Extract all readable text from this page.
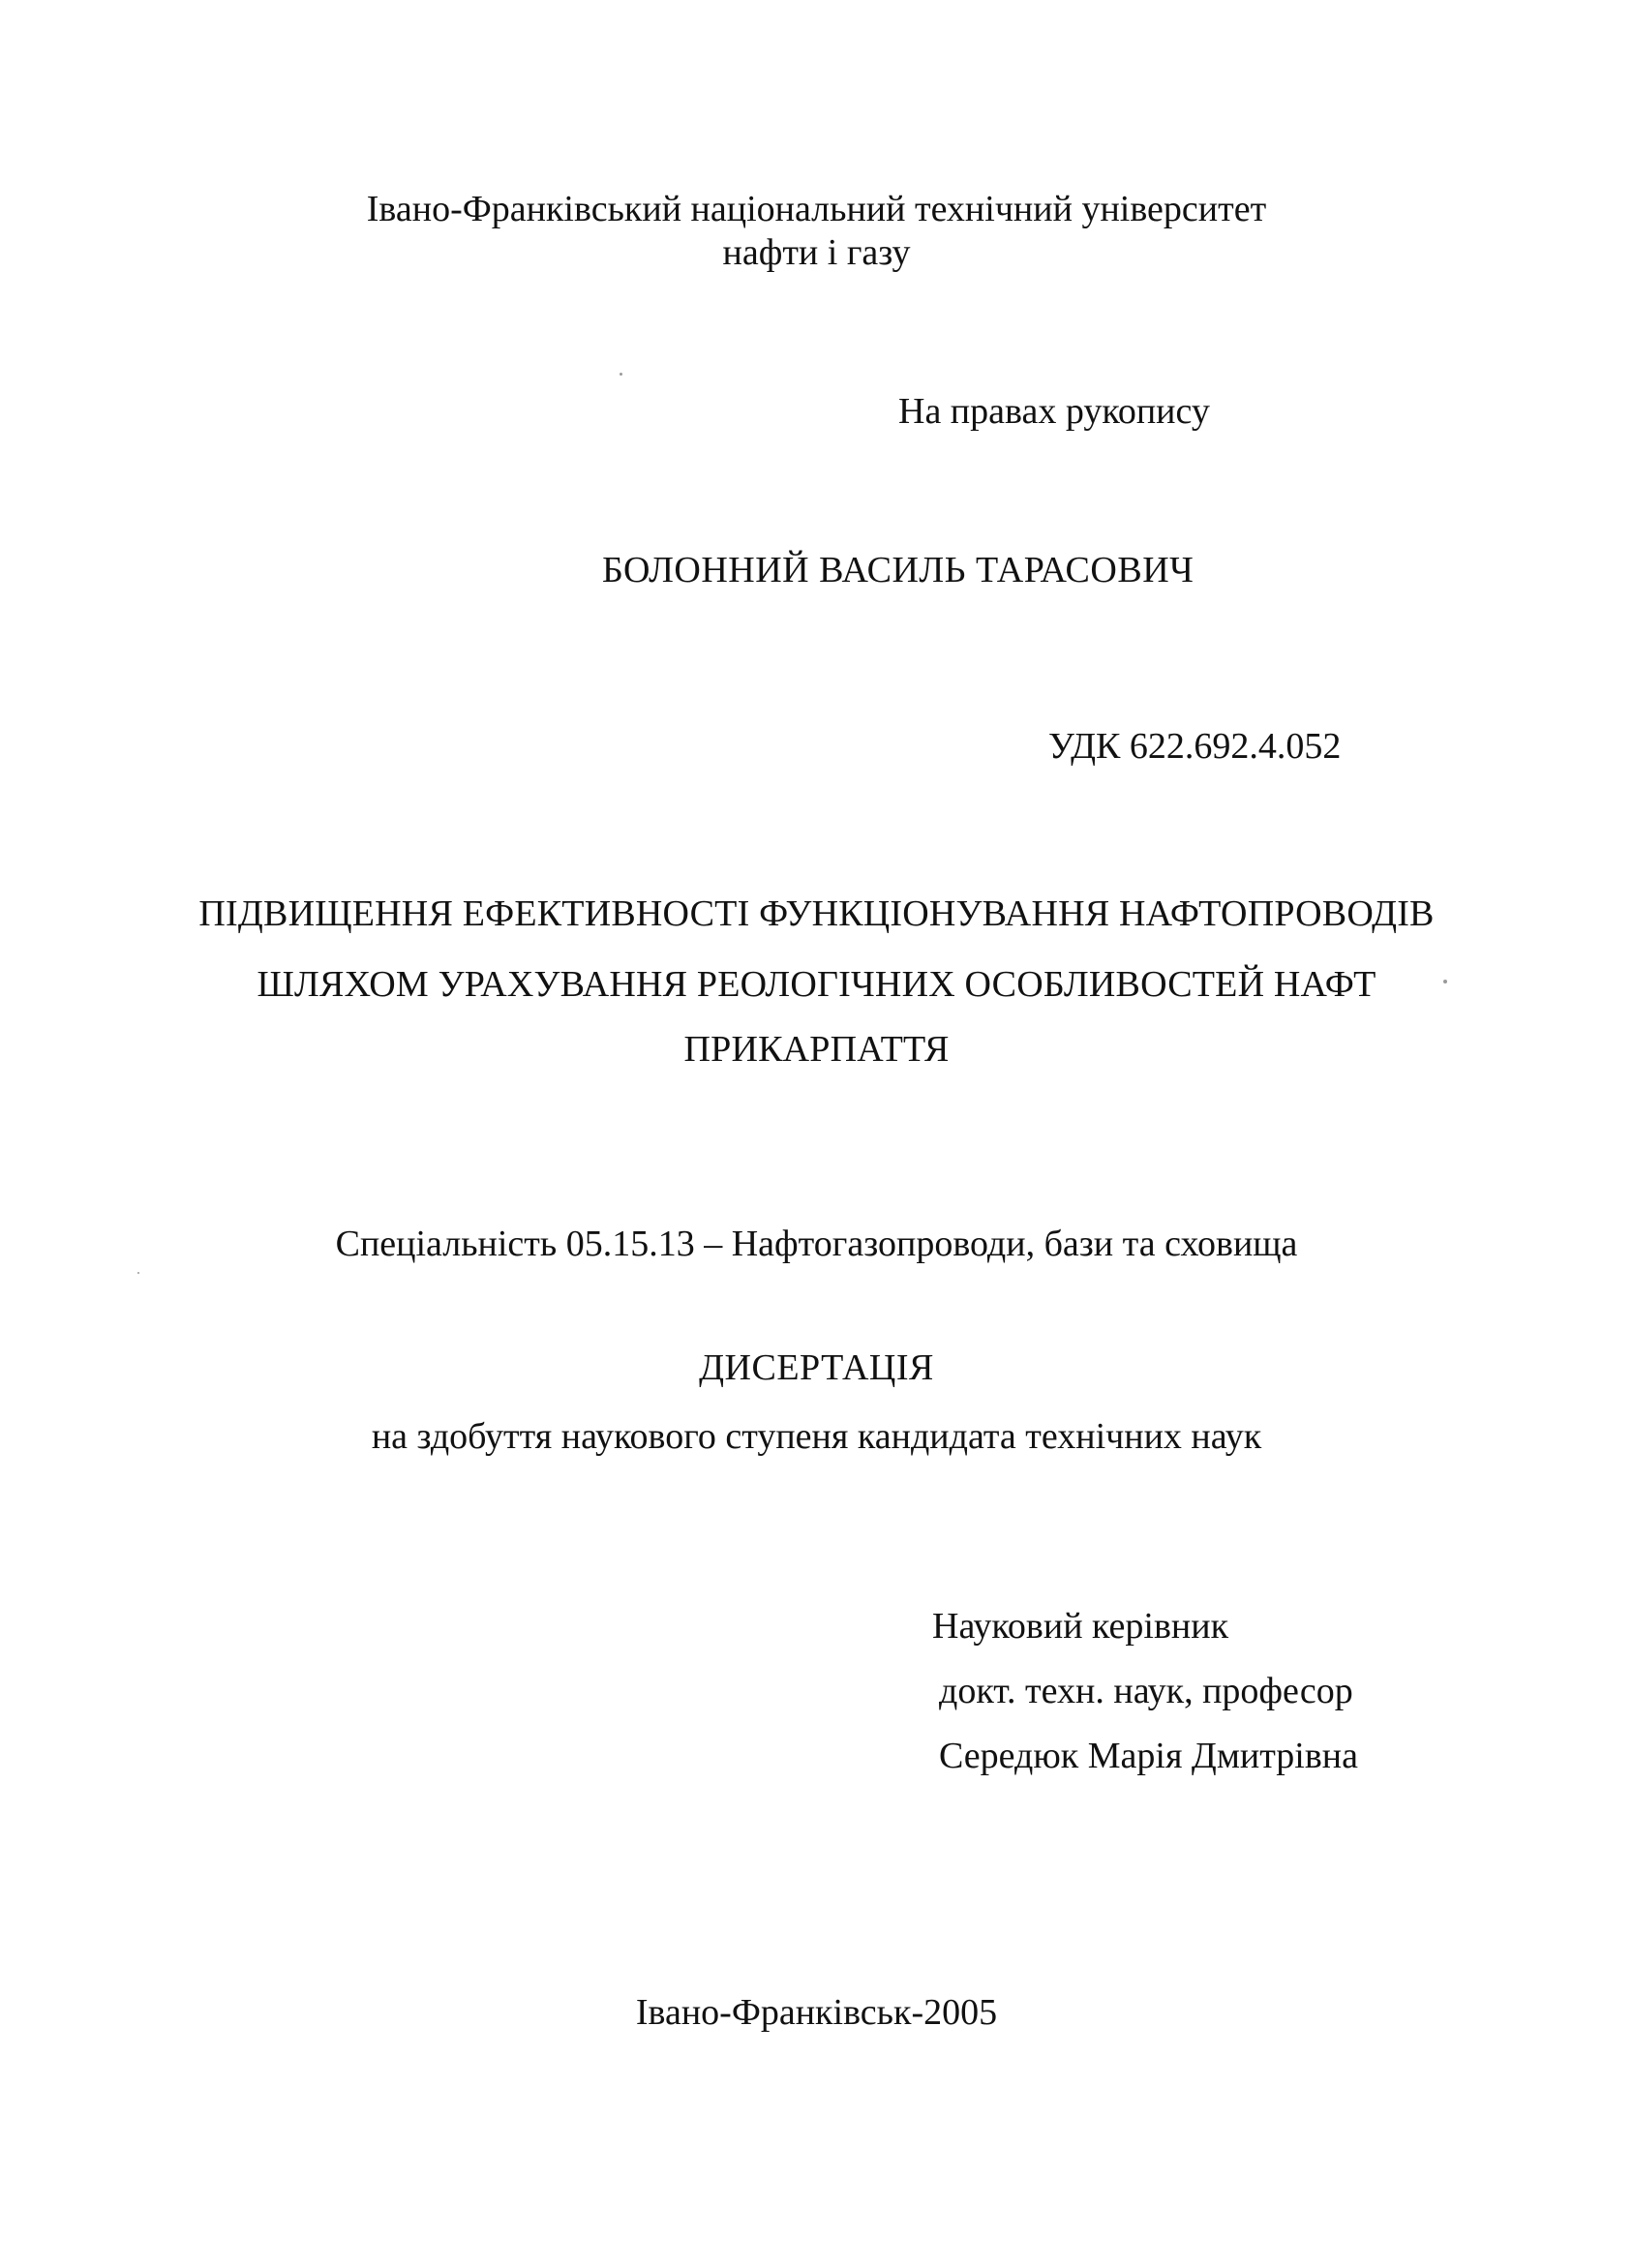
Івано-Франківський національний технічний університет
нафти і газу
На правах рукопису
БОЛОННИЙ ВАСИЛЬ ТАРАСОВИЧ
УДК 622.692.4.052
ПІДВИЩЕННЯ ЕФЕКТИВНОСТІ ФУНКЦІОНУВАННЯ НАФТОПРОВОДІВ
ШЛЯХОМ УРАХУВАННЯ РЕОЛОГІЧНИХ ОСОБЛИВОСТЕЙ НАФТ
ПРИКАРПАТТЯ
Спеціальність 05.15.13 – Нафтогазопроводи, бази та сховища
ДИСЕРТАЦІЯ
на здобуття наукового ступеня кандидата технічних наук
Науковий керівник
докт. техн. наук, професор
Середюк Марія Дмитрівна
Івано-Франківськ-2005
